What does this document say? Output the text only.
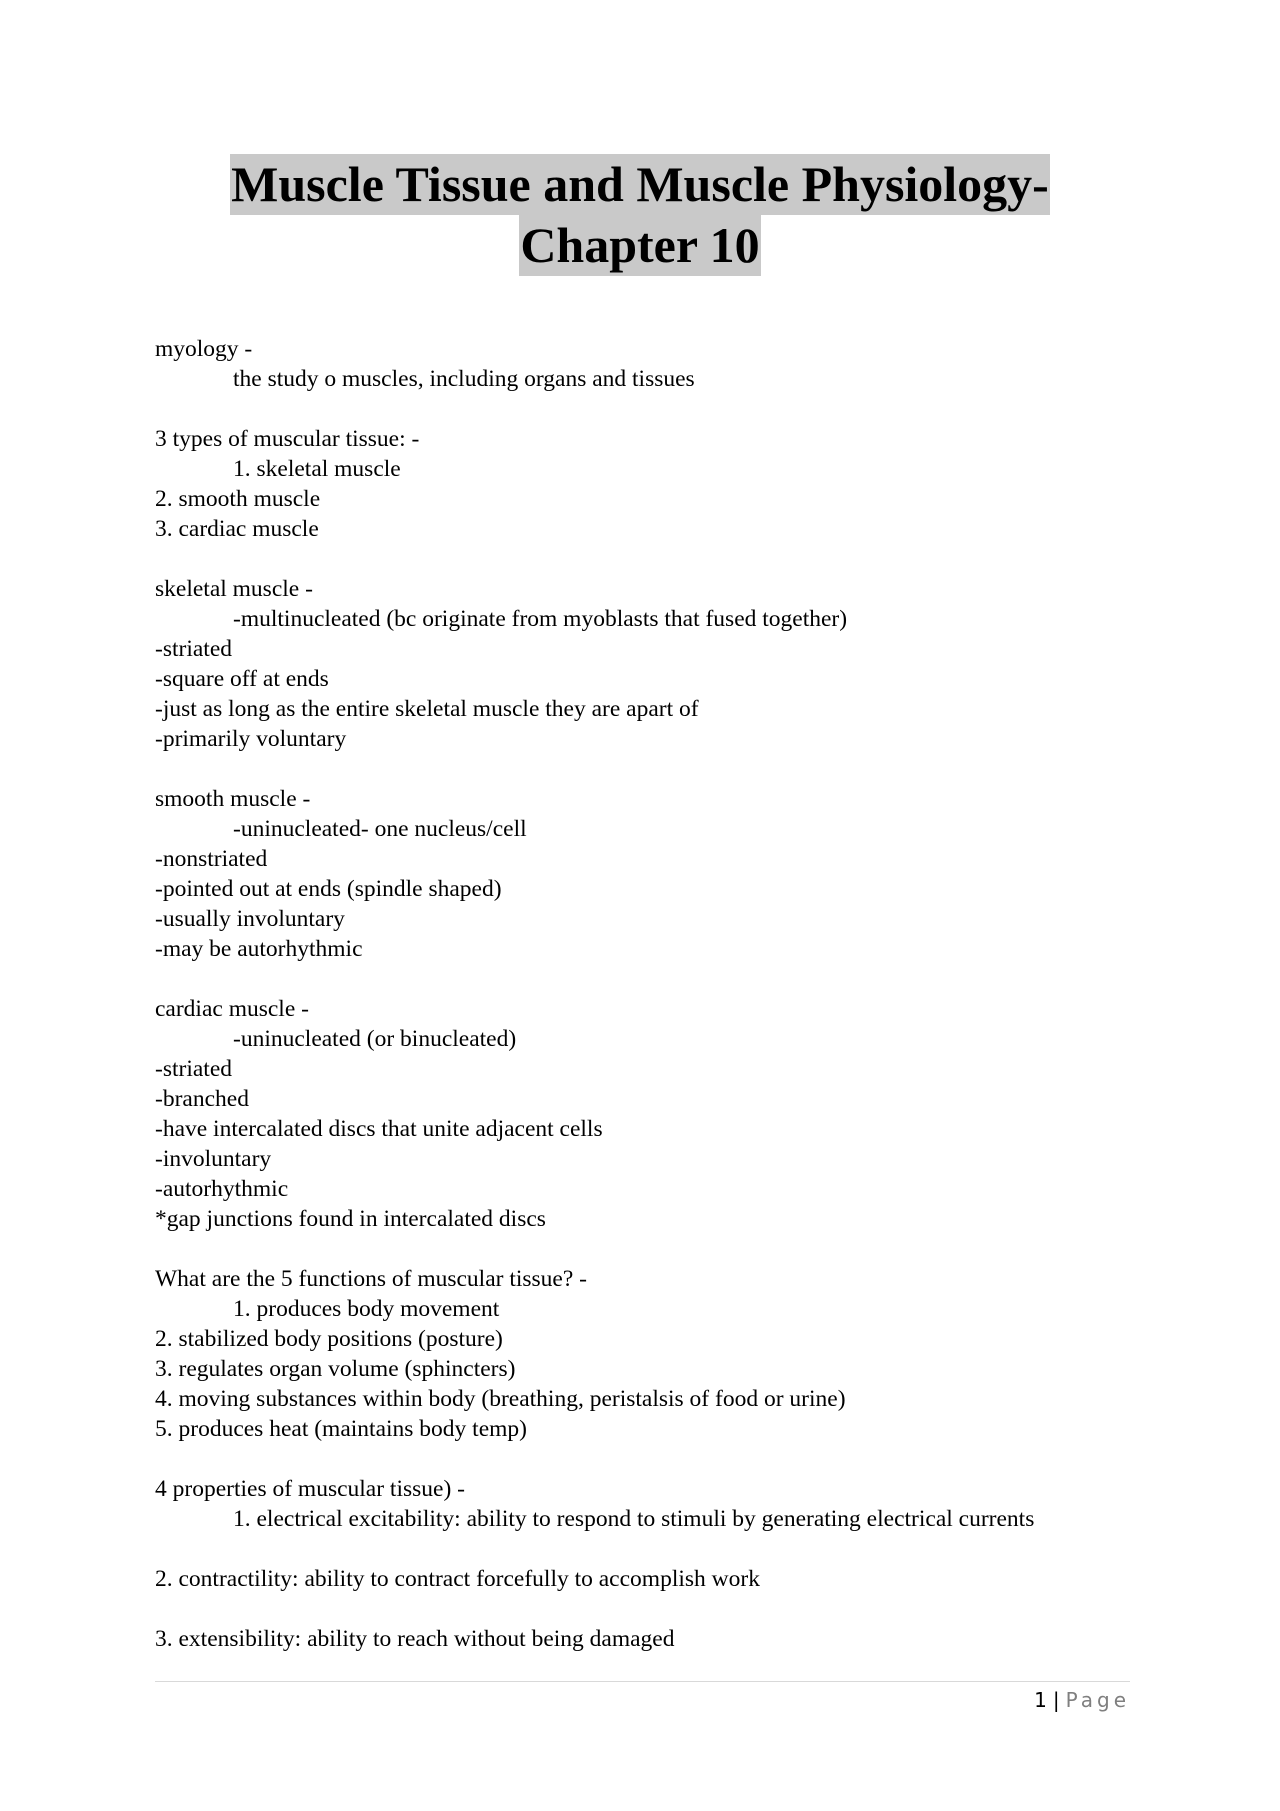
Muscle Tissue and Muscle Physiology-
Chapter 10
myology -
the study o muscles, including organs and tissues
3 types of muscular tissue: -
1. skeletal muscle
2. smooth muscle
3. cardiac muscle
skeletal muscle -
-multinucleated (bc originate from myoblasts that fused together)
-striated
-square off at ends
-just as long as the entire skeletal muscle they are apart of
-primarily voluntary
smooth muscle -
-uninucleated- one nucleus/cell
-nonstriated
-pointed out at ends (spindle shaped)
-usually involuntary
-may be autorhythmic
cardiac muscle -
-uninucleated (or binucleated)
-striated
-branched
-have intercalated discs that unite adjacent cells
-involuntary
-autorhythmic
*gap junctions found in intercalated discs
What are the 5 functions of muscular tissue? -
1. produces body movement
2. stabilized body positions (posture)
3. regulates organ volume (sphincters)
4. moving substances within body (breathing, peristalsis of food or urine)
5. produces heat (maintains body temp)
4 properties of muscular tissue) -
1. electrical excitability: ability to respond to stimuli by generating electrical currents
2. contractility: ability to contract forcefully to accomplish work
3. extensibility: ability to reach without being damaged
1 | Page
